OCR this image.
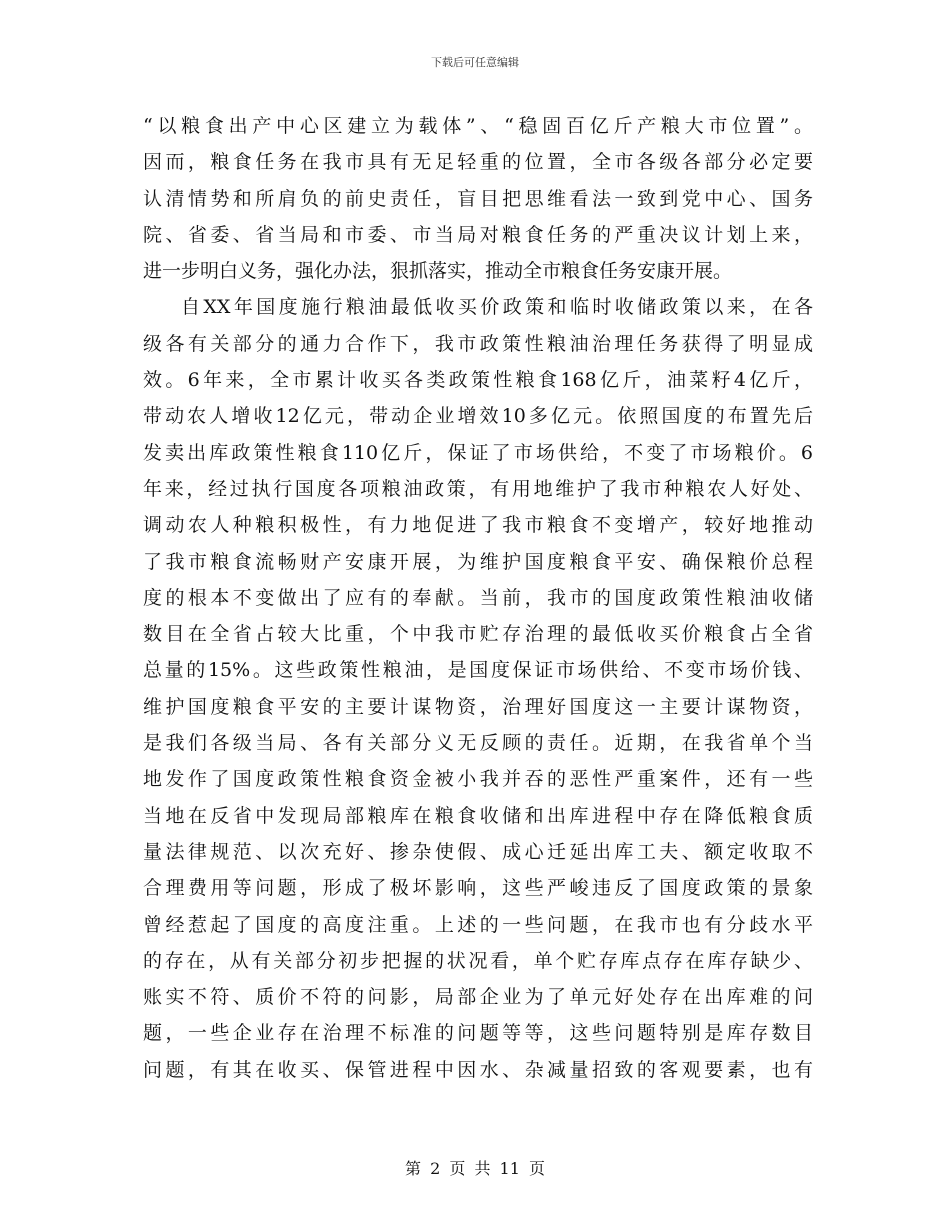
下载后可任意编辑
“以粮食出产中心区建立为载体”、“稳固百亿斤产粮大市位置”。
因而，粮食任务在我市具有无足轻重的位置，全市各级各部分必定要
认清情势和所肩负的前史责任，盲目把思维看法一致到党中心、国务
院、省委、省当局和市委、市当局对粮食任务的严重决议计划上来，
进一步明白义务，强化办法，狠抓落实，推动全市粮食任务安康开展。
自XX年国度施行粮油最低收买价政策和临时收储政策以来，在各
级各有关部分的通力合作下，我市政策性粮油治理任务获得了明显成
效。6年来，全市累计收买各类政策性粮食168亿斤，油菜籽4亿斤，
带动农人增收12亿元，带动企业增效10多亿元。依照国度的布置先后
发卖出库政策性粮食110亿斤，保证了市场供给，不变了市场粮价。6
年来，经过执行国度各项粮油政策，有用地维护了我市种粮农人好处、
调动农人种粮积极性，有力地促进了我市粮食不变增产，较好地推动
了我市粮食流畅财产安康开展，为维护国度粮食平安、确保粮价总程
度的根本不变做出了应有的奉献。当前，我市的国度政策性粮油收储
数目在全省占较大比重，个中我市贮存治理的最低收买价粮食占全省
总量的15%。这些政策性粮油，是国度保证市场供给、不变市场价钱、
维护国度粮食平安的主要计谋物资，治理好国度这一主要计谋物资，
是我们各级当局、各有关部分义无反顾的责任。近期，在我省单个当
地发作了国度政策性粮食资金被小我并吞的恶性严重案件，还有一些
当地在反省中发现局部粮库在粮食收储和出库进程中存在降低粮食质
量法律规范、以次充好、掺杂使假、成心迁延出库工夫、额定收取不
合理费用等问题，形成了极坏影响，这些严峻违反了国度政策的景象
曾经惹起了国度的高度注重。上述的一些问题，在我市也有分歧水平
的存在，从有关部分初步把握的状况看，单个贮存库点存在库存缺少、
账实不符、质价不符的问影，局部企业为了单元好处存在出库难的问
题，一些企业存在治理不标准的问题等等，这些问题特别是库存数目
问题，有其在收买、保管进程中因水、杂减量招致的客观要素，也有
第 2 页 共 11 页
